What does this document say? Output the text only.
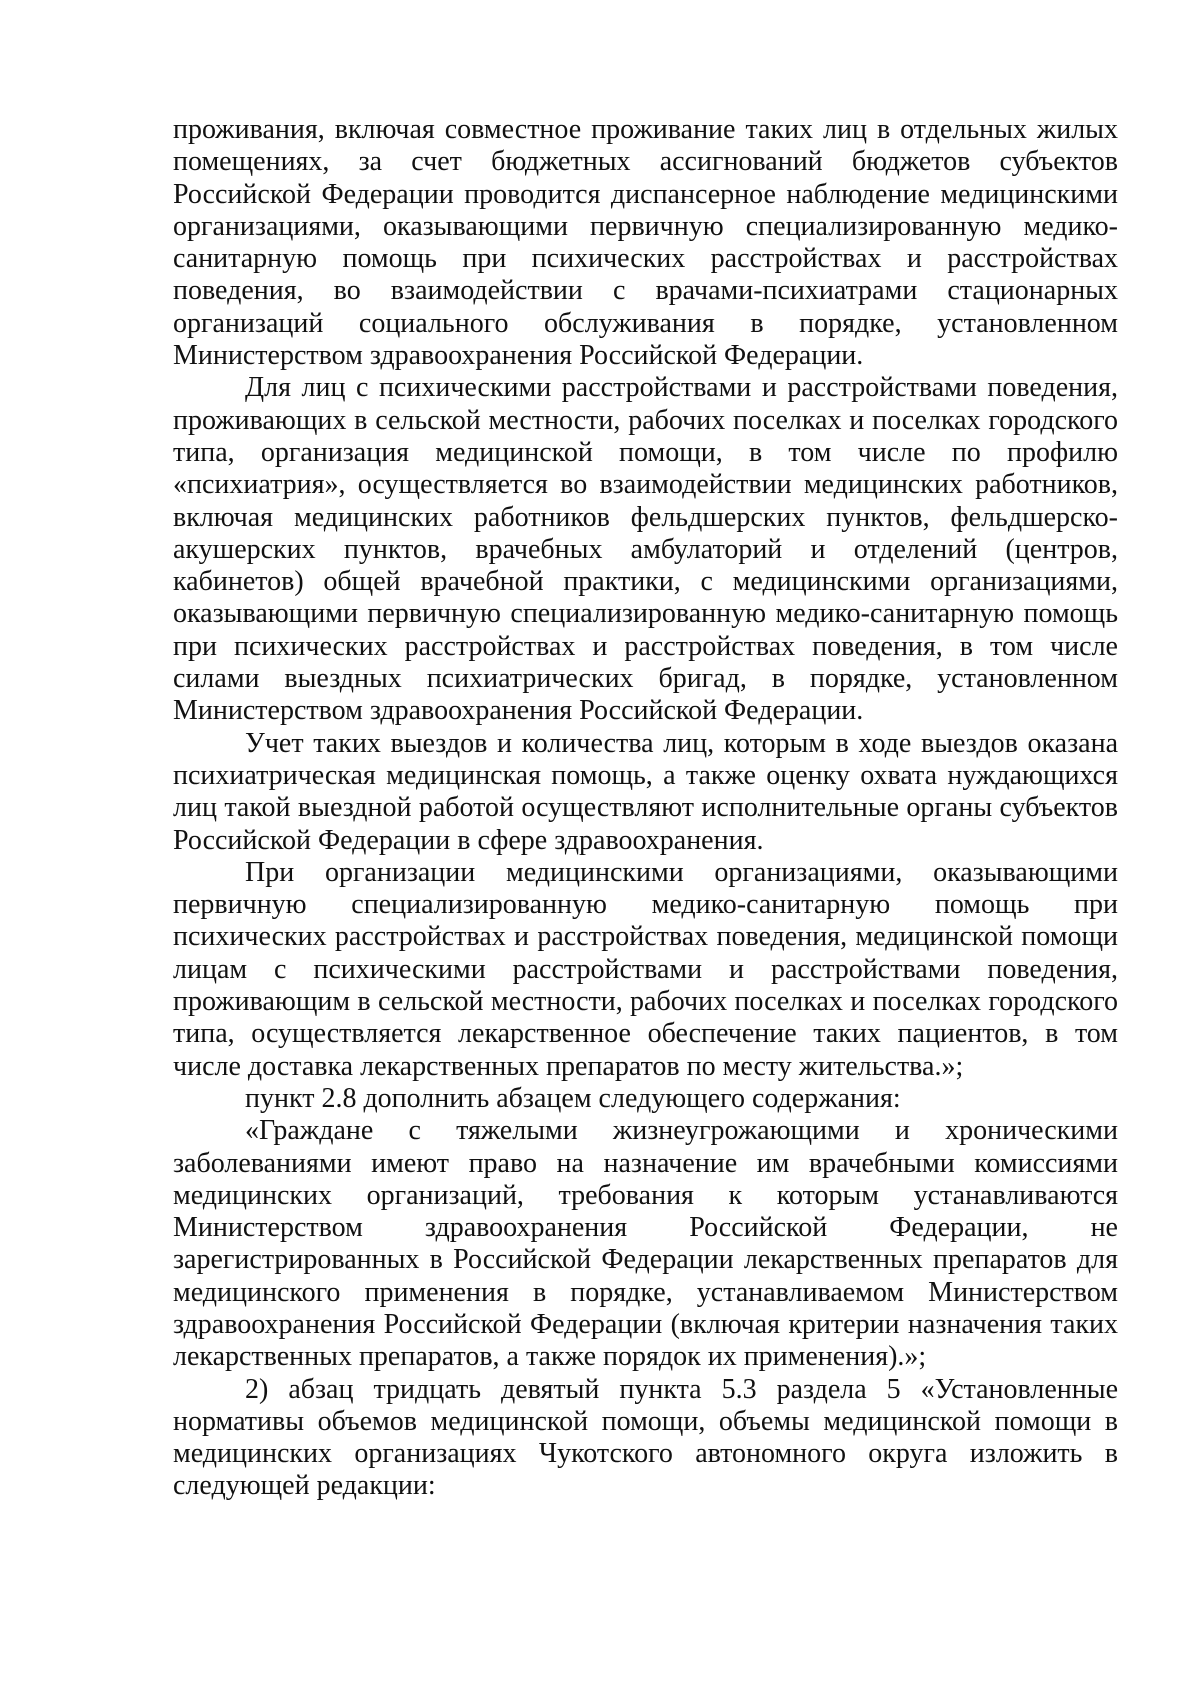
проживания, включая совместное проживание таких лиц в отдельных жилых помещениях, за счет бюджетных ассигнований бюджетов субъектов Российской Федерации проводится диспансерное наблюдение медицинскими организациями, оказывающими первичную специализированную медико-санитарную помощь при психических расстройствах и расстройствах поведения, во взаимодействии с врачами-психиатрами стационарных организаций социального обслуживания в порядке, установленном Министерством здравоохранения Российской Федерации.

Для лиц с психическими расстройствами и расстройствами поведения, проживающих в сельской местности, рабочих поселках и поселках городского типа, организация медицинской помощи, в том числе по профилю «психиатрия», осуществляется во взаимодействии медицинских работников, включая медицинских работников фельдшерских пунктов, фельдшерско-акушерских пунктов, врачебных амбулаторий и отделений (центров, кабинетов) общей врачебной практики, с медицинскими организациями, оказывающими первичную специализированную медико-санитарную помощь при психических расстройствах и расстройствах поведения, в том числе силами выездных психиатрических бригад, в порядке, установленном Министерством здравоохранения Российской Федерации.

Учет таких выездов и количества лиц, которым в ходе выездов оказана психиатрическая медицинская помощь, а также оценку охвата нуждающихся лиц такой выездной работой осуществляют исполнительные органы субъектов Российской Федерации в сфере здравоохранения.

При организации медицинскими организациями, оказывающими первичную специализированную медико-санитарную помощь при психических расстройствах и расстройствах поведения, медицинской помощи лицам с психическими расстройствами и расстройствами поведения, проживающим в сельской местности, рабочих поселках и поселках городского типа, осуществляется лекарственное обеспечение таких пациентов, в том числе доставка лекарственных препаратов по месту жительства.»;

пункт 2.8 дополнить абзацем следующего содержания:

«Граждане с тяжелыми жизнеугрожающими и хроническими заболеваниями имеют право на назначение им врачебными комиссиями медицинских организаций, требования к которым устанавливаются Министерством здравоохранения Российской Федерации, не зарегистрированных в Российской Федерации лекарственных препаратов для медицинского применения в порядке, устанавливаемом Министерством здравоохранения Российской Федерации (включая критерии назначения таких лекарственных препаратов, а также порядок их применения).»;

2) абзац тридцать девятый пункта 5.3 раздела 5 «Установленные нормативы объемов медицинской помощи, объемы медицинской помощи в медицинских организациях Чукотского автономного округа изложить в следующей редакции:
